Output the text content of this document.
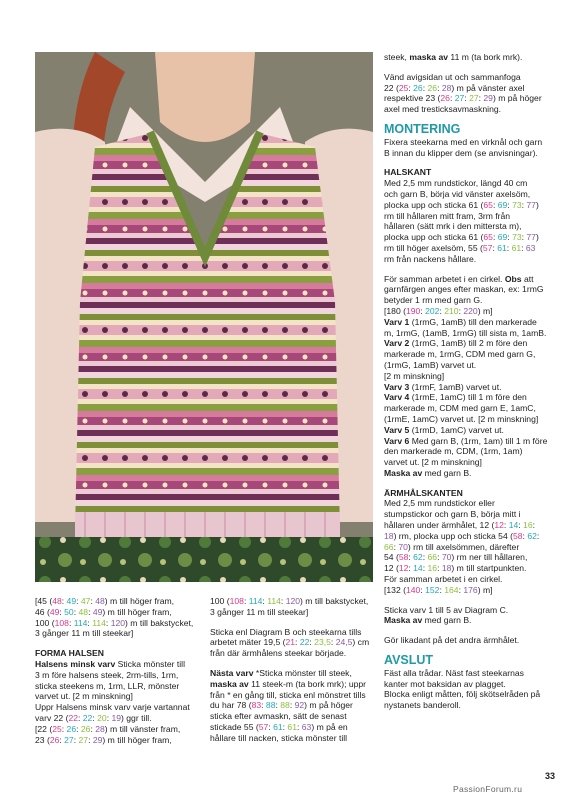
steek, maska av 11 m (ta bork mrk).

Vänd avigsidan ut och sammanfoga
22 (25: 26: 26: 28) m på vänster axel
respektive 23 (26: 27: 27: 29) m på höger
axel med tresticksavmaskning.

MONTERING

Fixera steekarna med en virknål och garn
B innan du klipper dem (se anvisningar).

HALSKANT

Med 2,5 mm rundstickor, längd 40 cm
och garn B, börja vid vänster axelsöm,
plocka upp och sticka 61 (65: 69: 73: 77)
rm till hållaren mitt fram, 3rm från
hållaren (sätt mrk i den mittersta m),
plocka upp och sticka 61 (65: 69: 73: 77)
rm till höger axelsöm, 55 (57: 61: 61: 63
rm från nackens hållare.

För samman arbetet i en cirkel. Obs att
garnfärgen anges efter maskan, ex: 1rmG
betyder 1 rm med garn G.
[180 (190: 202: 210: 220) m]
Varv 1 (1rmG, 1amB) till den markerade
m, 1rmG, (1amB, 1rmG) till sista m, 1amB.
Varv 2 (1rmG, 1amB) till 2 m före den
markerade m, 1rmG, CDM med garn G,
(1rmG, 1amB) varvet ut.
[2 m minskning]
Varv 3 (1rmF, 1amB) varvet ut.
Varv 4 (1rmE, 1amC) till 1 m före den
markerade m, CDM med garn E, 1amC,
(1rmE, 1amC) varvet ut. [2 m minskning]
Varv 5 (1rmD, 1amC) varvet ut.
Varv 6 Med garn B, (1rm, 1am) till 1 m före
den markerade m, CDM, (1rm, 1am)
varvet ut. [2 m minskning]
Maska av med garn B.

ÄRMHÅLSKANTEN

Med 2,5 mm rundstickor eller
stumpstickor och garn B, börja mitt i
hållaren under ärmhålet, 12 (12: 14: 16:
18) rm, plocka upp och sticka 54 (58: 62:
66: 70) rm till axelsömmen, därefter
54 (58: 62: 66: 70) rm ner till hållaren,
12 (12: 14: 16: 18) m till startpunkten.
För samman arbetet i en cirkel.
[132 (140: 152: 164: 176) m]

Sticka varv 1 till 5 av Diagram C.
Maska av med garn B.

Gör likadant på det andra ärmhålet.

AVSLUT

Fäst alla trådar. Näst fast steekarnas
kanter mot baksidan av plagget.
Blocka enligt måtten, följ skötselråden på
nystanets banderoll.

[45 (48: 49: 47: 48) m till höger fram,
46 (49: 50: 48: 49) m till höger fram,
100 (108: 114: 114: 120) m till bakstycket,
3 gånger 11 m till steekar]

FORMA HALSEN

Halsens minsk varv Sticka mönster till
3 m före halsens steek, 2rm-tills, 1rm,
sticka steekens m, 1rm, LLR, mönster
varvet ut. [2 m minskning]
Uppr Halsens minsk varv varje vartannat
varv 22 (22: 22: 20: 19) ggr till.
[22 (25: 26: 26: 28) m till vänster fram,
23 (26: 27: 27: 29) m till höger fram,

100 (108: 114: 114: 120) m till bakstycket,
3 gånger 11 m till steekar]

Sticka enl Diagram B och steekarna tills
arbetet mäter 19,5 (21: 22: 23,5: 24,5) cm
från där ärmhålens steekar började.

Nästa varv *Sticka mönster till steek,
maska av 11 steek-m (ta bork mrk); uppr
från * en gång till, sticka enl mönstret tills
du har 78 (83: 88: 88: 92) m på höger
sticka efter avmaskn, sätt de senast
stickade 55 (57: 61: 61: 63) m på en
hållare till nacken, sticka mönster till

33
PassionForum.ru
